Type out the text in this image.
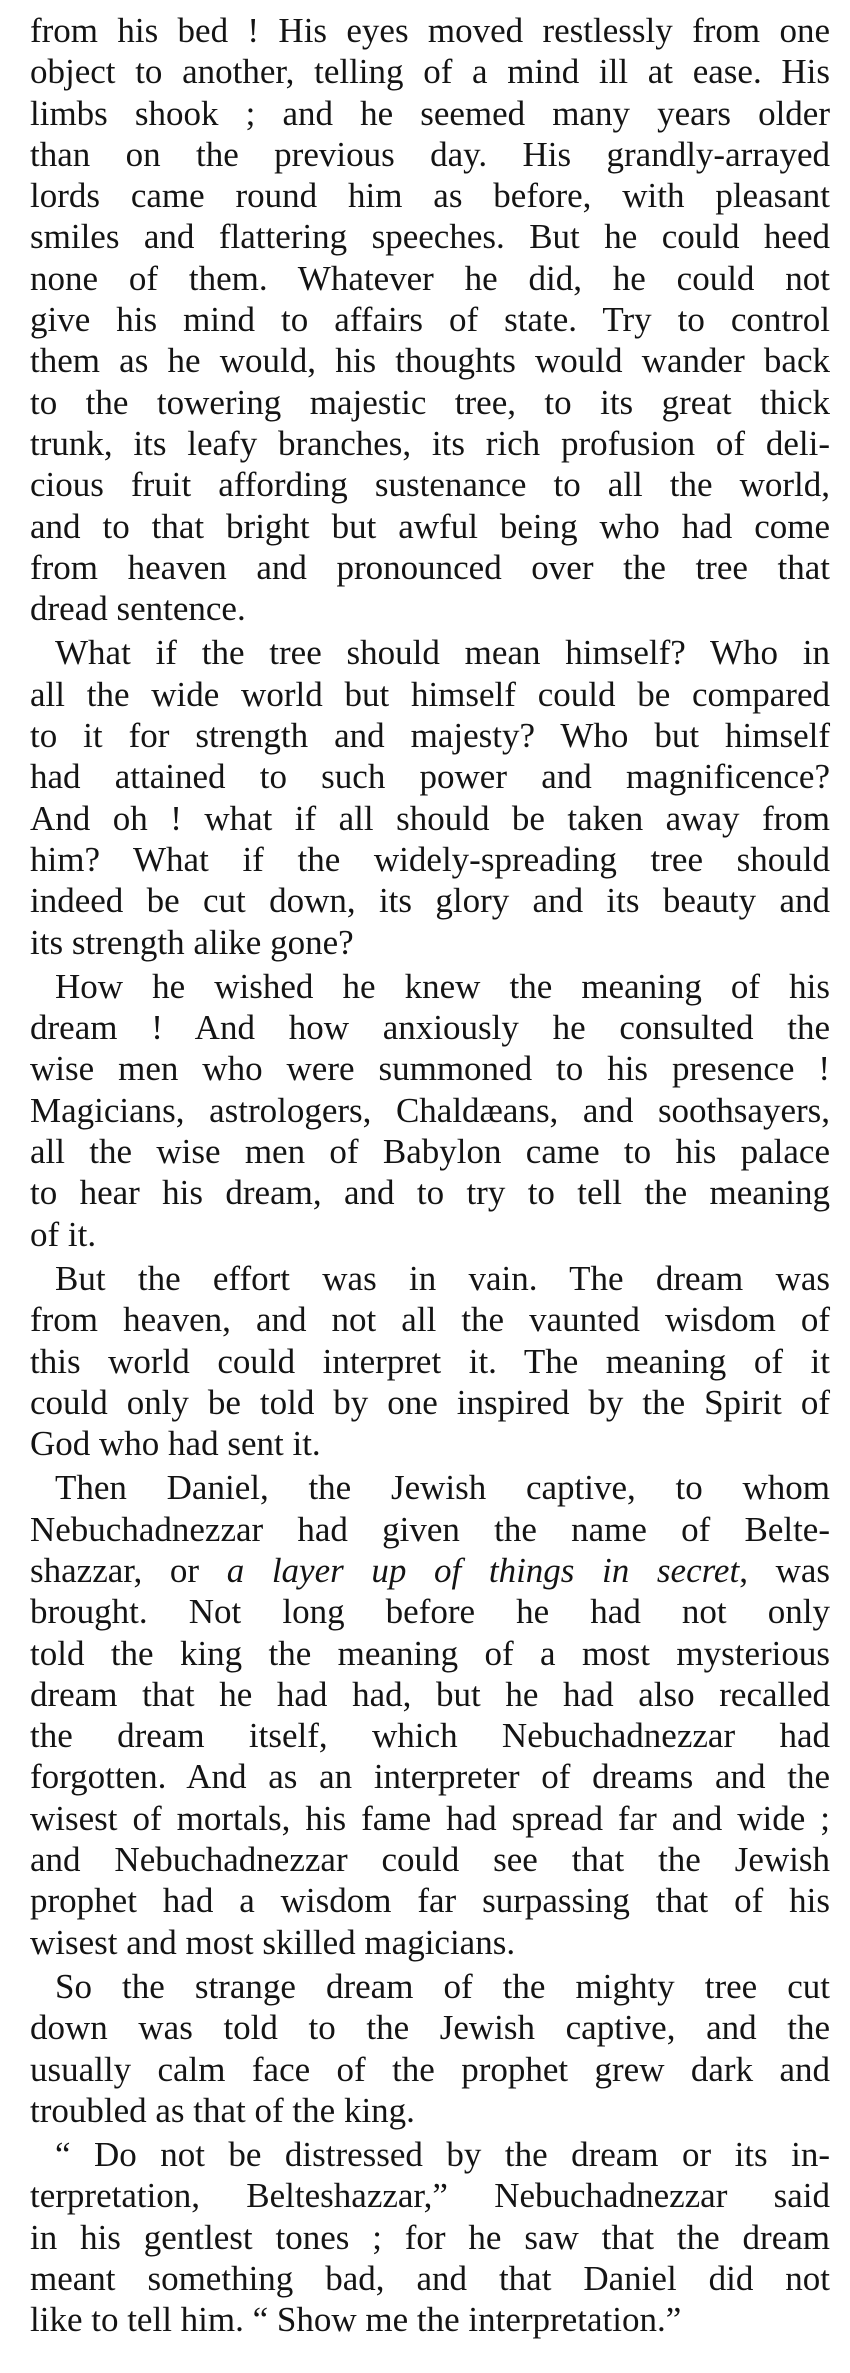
from his bed ! His eyes moved restlessly from one
object to another, telling of a mind ill at ease. His
limbs shook ; and he seemed many years older
than on the previous day. His grandly-arrayed
lords came round him as before, with pleasant
smiles and flattering speeches. But he could heed
none of them. Whatever he did, he could not
give his mind to affairs of state. Try to control
them as he would, his thoughts would wander back
to the towering majestic tree, to its great thick
trunk, its leafy branches, its rich profusion of deli-
cious fruit affording sustenance to all the world,
and to that bright but awful being who had come
from heaven and pronounced over the tree that
dread sentence.
What if the tree should mean himself? Who in
all the wide world but himself could be compared
to it for strength and majesty? Who but himself
had attained to such power and magnificence?
And oh ! what if all should be taken away from
him? What if the widely-spreading tree should
indeed be cut down, its glory and its beauty and
its strength alike gone?
How he wished he knew the meaning of his
dream ! And how anxiously he consulted the
wise men who were summoned to his presence !
Magicians, astrologers, Chaldæans, and soothsayers,
all the wise men of Babylon came to his palace
to hear his dream, and to try to tell the meaning
of it.
But the effort was in vain. The dream was
from heaven, and not all the vaunted wisdom of
this world could interpret it. The meaning of it
could only be told by one inspired by the Spirit of
God who had sent it.
Then Daniel, the Jewish captive, to whom
Nebuchadnezzar had given the name of Belte-
shazzar, or a layer up of things in secret, was
brought. Not long before he had not only
told the king the meaning of a most mysterious
dream that he had had, but he had also recalled
the dream itself, which Nebuchadnezzar had
forgotten. And as an interpreter of dreams and the
wisest of mortals, his fame had spread far and wide ;
and Nebuchadnezzar could see that the Jewish
prophet had a wisdom far surpassing that of his
wisest and most skilled magicians.
So the strange dream of the mighty tree cut
down was told to the Jewish captive, and the
usually calm face of the prophet grew dark and
troubled as that of the king.
“ Do not be distressed by the dream or its in-
terpretation, Belteshazzar,” Nebuchadnezzar said
in his gentlest tones ; for he saw that the dream
meant something bad, and that Daniel did not
like to tell him. “ Show me the interpretation.”
